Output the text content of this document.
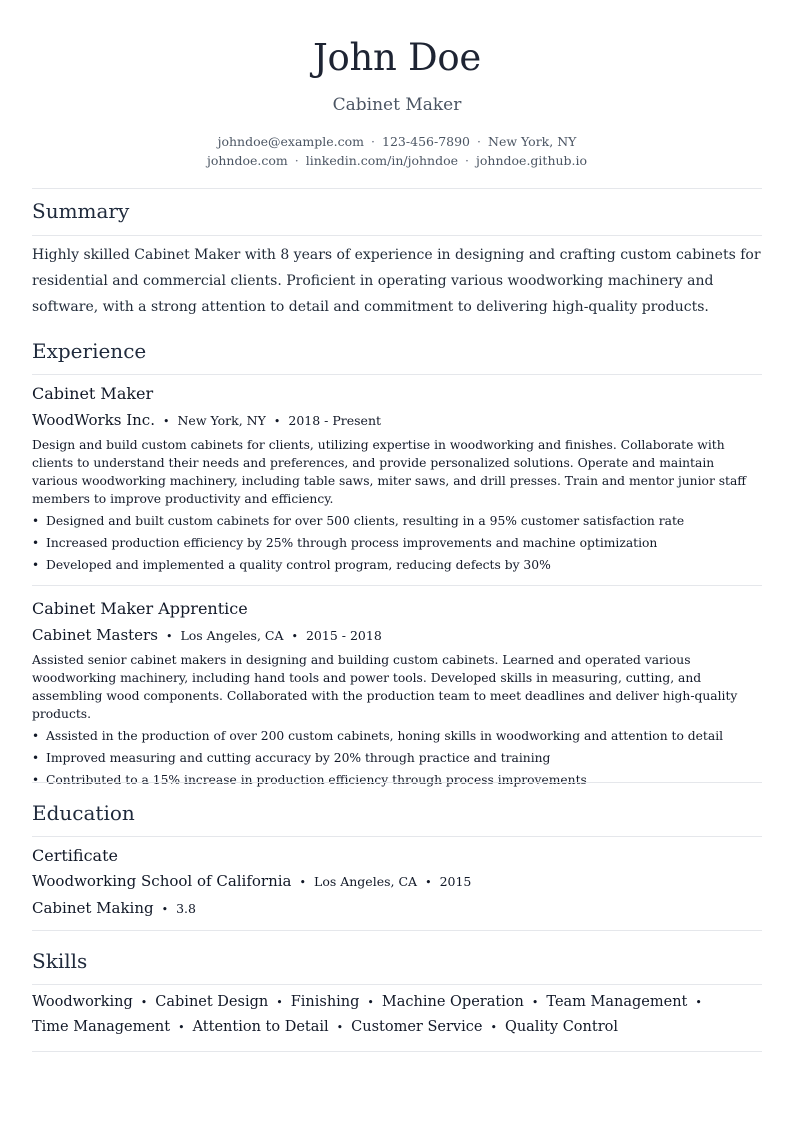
John Doe
Cabinet Maker
johndoe@example.com · 123-456-7890 · New York, NY
johndoe.com · linkedin.com/in/johndoe · johndoe.github.io
Summary

Highly skilled Cabinet Maker with 8 years of experience in designing and crafting custom cabinets for residential and commercial clients. Proficient in operating various woodworking machinery and software, with a strong attention to detail and commitment to delivering high-quality products.

Experience
Cabinet Maker
WoodWorks Inc. • New York, NY • 2018 - Present

Design and build custom cabinets for clients, utilizing expertise in woodworking and finishes. Collaborate with clients to understand their needs and preferences, and provide personalized solutions. Operate and maintain various woodworking machinery, including table saws, miter saws, and drill presses. Train and mentor junior staff members to improve productivity and efficiency.

• Designed and built custom cabinets for over 500 clients, resulting in a 95% customer satisfaction rate
• Increased production efficiency by 25% through process improvements and machine optimization
• Developed and implemented a quality control program, reducing defects by 30%
Cabinet Maker Apprentice
Cabinet Masters • Los Angeles, CA • 2015 - 2018

Assisted senior cabinet makers in designing and building custom cabinets. Learned and operated various woodworking machinery, including hand tools and power tools. Developed skills in measuring, cutting, and assembling wood components. Collaborated with the production team to meet deadlines and deliver high-quality products.

• Assisted in the production of over 200 custom cabinets, honing skills in woodworking and attention to detail
• Improved measuring and cutting accuracy by 20% through practice and training
• Contributed to a 15% increase in production efficiency through process improvements
Education
Certificate
Woodworking School of California • Los Angeles, CA • 2015
Cabinet Making • 3.8
Skills
Woodworking • Cabinet Design • Finishing • Machine Operation • Team Management •
Time Management • Attention to Detail • Customer Service • Quality Control
